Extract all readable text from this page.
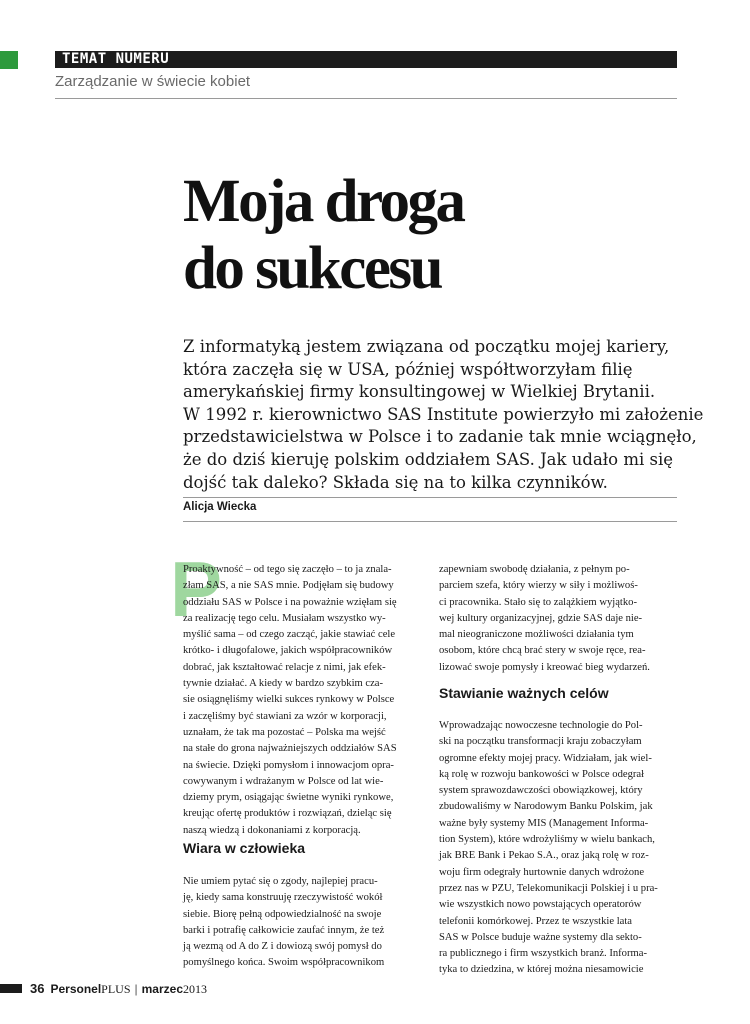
TEMAT NUMERU
Zarządzanie w świecie kobiet
Moja droga
do sukcesu
Z informatyką jestem związana od początku mojej kariery,
która zaczęła się w USA, później współtworzyłam filię
amerykańskiej firmy konsultingowej w Wielkiej Brytanii.
W 1992 r. kierownictwo SAS Institute powierzyło mi założenie
przedstawicielstwa w Polsce i to zadanie tak mnie wciągnęło,
że do dziś kieruję polskim oddziałem SAS. Jak udało mi się
dojść tak daleko? Składa się na to kilka czynników.
Alicja Wiecka
P
Proaktywność – od tego się zaczęło – to ja znala-
złam SAS, a nie SAS mnie. Podjęłam się budowy
oddziału SAS w Polsce i na poważnie wzięłam się
za realizację tego celu. Musiałam wszystko wy-
myślić sama – od czego zacząć, jakie stawiać cele
krótko- i długofalowe, jakich współpracowników
dobrać, jak kształtować relacje z nimi, jak efek-
tywnie działać. A kiedy w bardzo szybkim cza-
sie osiągnęliśmy wielki sukces rynkowy w Polsce
i zaczęliśmy być stawiani za wzór w korporacji,
uznałam, że tak ma pozostać – Polska ma wejść
na stałe do grona najważniejszych oddziałów SAS
na świecie. Dzięki pomysłom i innowacjom opra-
cowywanym i wdrażanym w Polsce od lat wie-
dziemy prym, osiągając świetne wyniki rynkowe,
kreując ofertę produktów i rozwiązań, dzieląc się
naszą wiedzą i dokonaniami z korporacją.
Wiara w człowieka
Nie umiem pytać się o zgody, najlepiej pracu-
ję, kiedy sama konstruuję rzeczywistość wokół
siebie. Biorę pełną odpowiedzialność na swoje
barki i potrafię całkowicie zaufać innym, że też
ją wezmą od A do Z i dowiozą swój pomysł do
pomyślnego końca. Swoim współpracownikom
zapewniam swobodę działania, z pełnym po-
parciem szefa, który wierzy w siły i możliwoś-
ci pracownika. Stało się to zalążkiem wyjątko-
wej kultury organizacyjnej, gdzie SAS daje nie-
mal nieograniczone możliwości działania tym
osobom, które chcą brać stery w swoje ręce, rea-
lizować swoje pomysły i kreować bieg wydarzeń.
Stawianie ważnych celów
Wprowadzając nowoczesne technologie do Pol-
ski na początku transformacji kraju zobaczyłam
ogromne efekty mojej pracy. Widziałam, jak wiel-
ką rolę w rozwoju bankowości w Polsce odegrał
system sprawozdawczości obowiązkowej, który
zbudowaliśmy w Narodowym Banku Polskim, jak
ważne były systemy MIS (Management Informa-
tion System), które wdrożyliśmy w wielu bankach,
jak BRE Bank i Pekao S.A., oraz jaką rolę w roz-
woju firm odegrały hurtownie danych wdrożone
przez nas w PZU, Telekomunikacji Polskiej i u pra-
wie wszystkich nowo powstających operatorów
telefonii komórkowej. Przez te wszystkie lata
SAS w Polsce buduje ważne systemy dla sekto-
ra publicznego i firm wszystkich branż. Informa-
tyka to dziedzina, w której można niesamowicie
36 PersonelPLUS | marzec2013
